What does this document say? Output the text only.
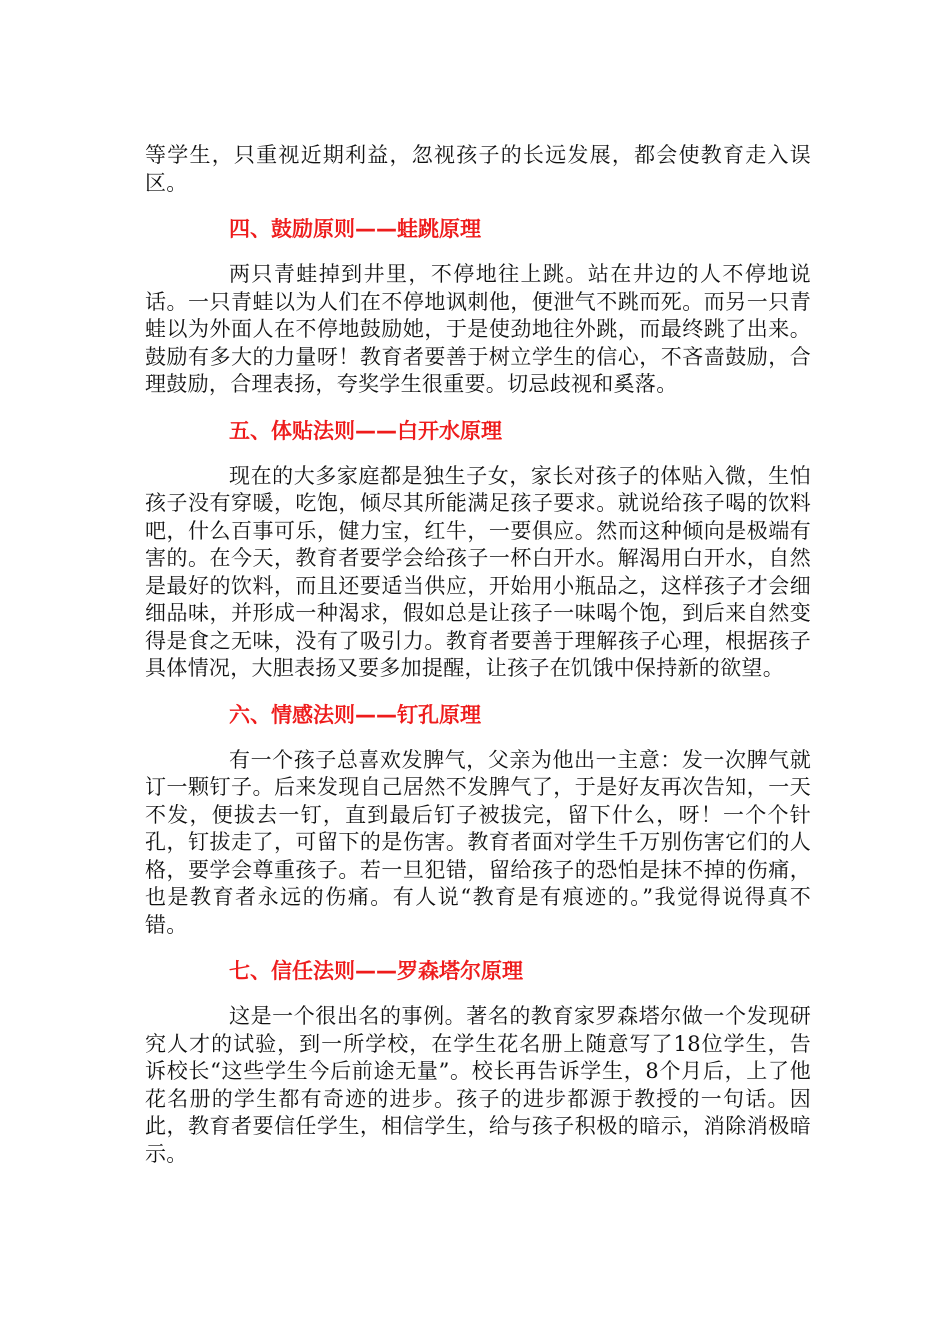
等学生，只重视近期利益，忽视孩子的长远发展，都会使教育走入误区。

四、鼓励原则——蛙跳原理

两只青蛙掉到井里，不停地往上跳。站在井边的人不停地说话。一只青蛙以为人们在不停地讽刺他，便泄气不跳而死。而另一只青蛙以为外面人在不停地鼓励她，于是使劲地往外跳，而最终跳了出来。鼓励有多大的力量呀！教育者要善于树立学生的信心，不吝啬鼓励，合理鼓励，合理表扬，夸奖学生很重要。切忌歧视和奚落。

五、体贴法则——白开水原理

现在的大多家庭都是独生子女，家长对孩子的体贴入微，生怕孩子没有穿暖，吃饱，倾尽其所能满足孩子要求。就说给孩子喝的饮料吧，什么百事可乐，健力宝，红牛，一要俱应。然而这种倾向是极端有害的。在今天，教育者要学会给孩子一杯白开水。解渴用白开水，自然是最好的饮料，而且还要适当供应，开始用小瓶品之，这样孩子才会细细品味，并形成一种渴求，假如总是让孩子一味喝个饱，到后来自然变得是食之无味，没有了吸引力。教育者要善于理解孩子心理，根据孩子具体情况，大胆表扬又要多加提醒，让孩子在饥饿中保持新的欲望。

六、情感法则——钉孔原理

有一个孩子总喜欢发脾气，父亲为他出一主意：发一次脾气就订一颗钉子。后来发现自己居然不发脾气了，于是好友再次告知，一天不发，便拔去一钉，直到最后钉子被拔完，留下什么，呀！一个个针孔，钉拔走了，可留下的是伤害。教育者面对学生千万别伤害它们的人格，要学会尊重孩子。若一旦犯错，留给孩子的恐怕是抹不掉的伤痛，也是教育者永远的伤痛。有人说“教育是有痕迹的。”我觉得说得真不错。

七、信任法则——罗森塔尔原理

这是一个很出名的事例。著名的教育家罗森塔尔做一个发现研究人才的试验，到一所学校，在学生花名册上随意写了18位学生，告诉校长“这些学生今后前途无量”。校长再告诉学生，8个月后，上了他花名册的学生都有奇迹的进步。孩子的进步都源于教授的一句话。因此，教育者要信任学生，相信学生，给与孩子积极的暗示，消除消极暗示。
